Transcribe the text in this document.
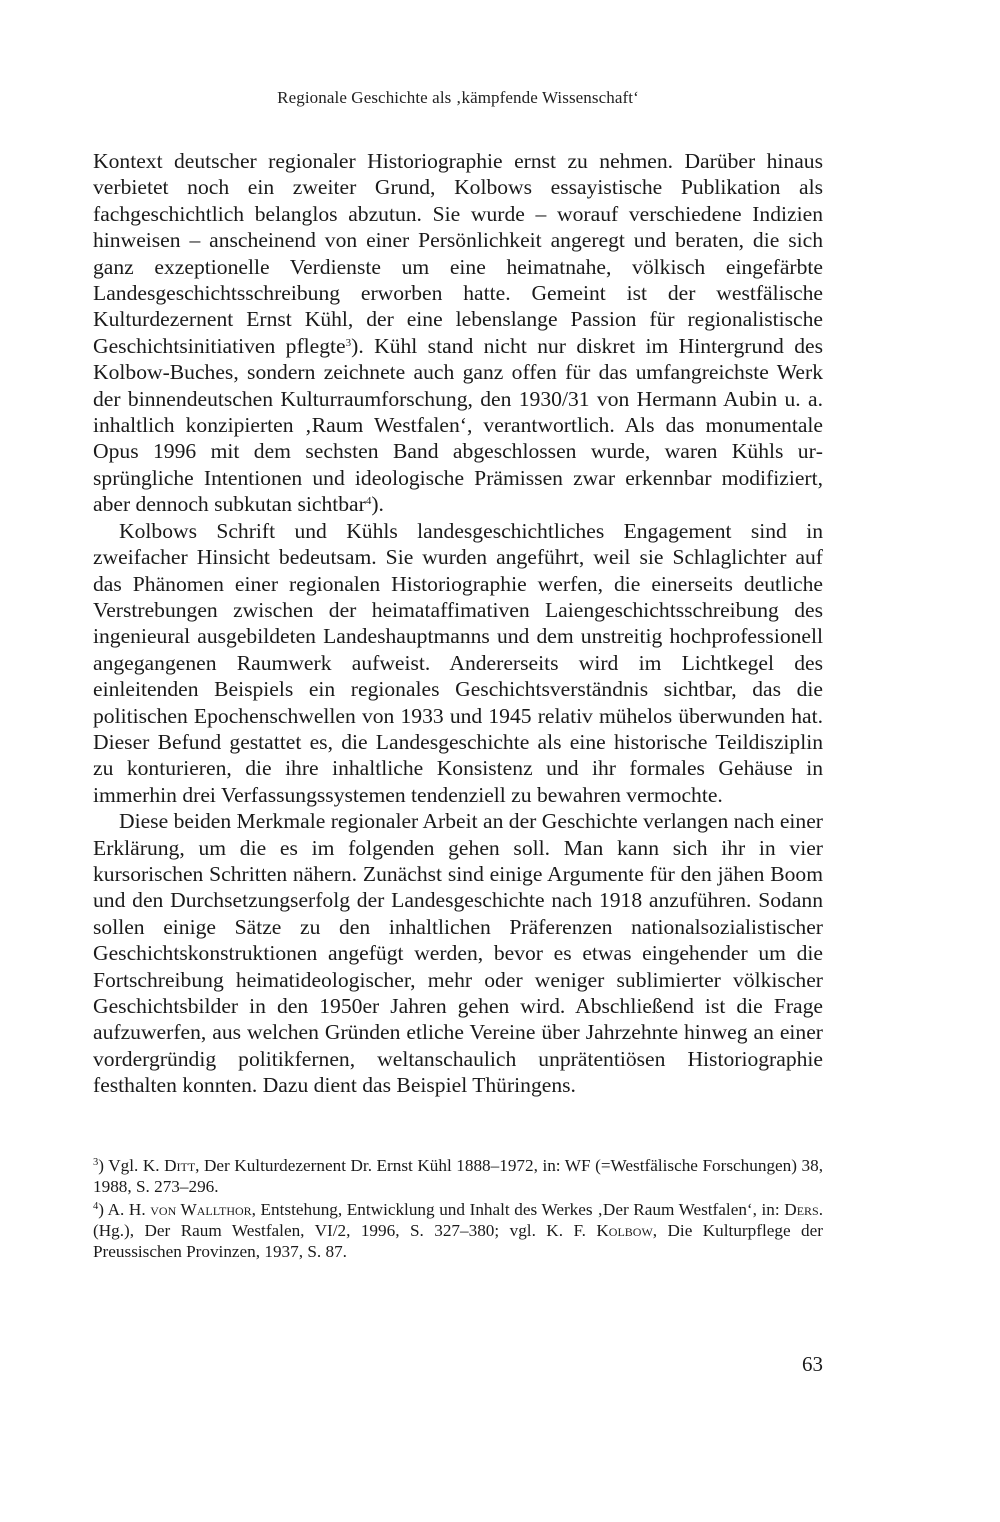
Regionale Geschichte als ‚kämpfende Wissenschaft‘

Kontext deutscher regionaler Historiographie ernst zu nehmen. Darüber hinaus verbietet noch ein zweiter Grund, Kolbows essayistische Publikation als fachgeschichtlich belanglos abzutun. Sie wurde – worauf verschiedene Indizien hinweisen – anscheinend von einer Persönlichkeit angeregt und beraten, die sich ganz exzeptionelle Verdienste um eine heimatnahe, völkisch eingefärbte Landesgeschichtsschreibung erworben hatte. Gemeint ist der westfälische Kulturdezernent Ernst Kühl, der eine lebenslange Passion für regionalistische Geschichtsinitiativen pflegte$^3$). Kühl stand nicht nur diskret im Hintergrund des Kolbow-Buches, sondern zeichnete auch ganz offen für das umfangreichste Werk der binnendeutschen Kulturraumforschung, den 1930/31 von Hermann Aubin u. a. inhaltlich konzipierten ‚Raum Westfalen‘, verantwortlich. Als das monumentale Opus 1996 mit dem sechsten Band abgeschlossen wurde, waren Kühls ursprüngliche Intentionen und ideologische Prämissen zwar erkennbar modifiziert, aber dennoch subkutan sichtbar$^4$).

Kolbows Schrift und Kühls landesgeschichtliches Engagement sind in zweifacher Hinsicht bedeutsam. Sie wurden angeführt, weil sie Schlaglichter auf das Phänomen einer regionalen Historiographie werfen, die einerseits deutliche Verstrebungen zwischen der heimataffimativen Laiengeschichtsschreibung des ingenieural ausgebildeten Landeshauptmanns und dem unstreitig hochprofessionell angegangenen Raumwerk aufweist. Andererseits wird im Lichtkegel des einleitenden Beispiels ein regionales Geschichtsverständnis sichtbar, das die politischen Epochenschwellen von 1933 und 1945 relativ mühelos überwunden hat. Dieser Befund gestattet es, die Landesgeschichte als eine historische Teildisziplin zu konturieren, die ihre inhaltliche Konsistenz und ihr formales Gehäuse in immerhin drei Verfassungssystemen tendenziell zu bewahren vermochte.

Diese beiden Merkmale regionaler Arbeit an der Geschichte verlangen nach einer Erklärung, um die es im folgenden gehen soll. Man kann sich ihr in vier kursorischen Schritten nähern. Zunächst sind einige Argumente für den jähen Boom und den Durchsetzungserfolg der Landesgeschichte nach 1918 anzuführen. Sodann sollen einige Sätze zu den inhaltlichen Präferenzen nationalsozialistischer Geschichtskonstruktionen angefügt werden, bevor es etwas eingehender um die Fortschreibung heimatideologischer, mehr oder weniger sublimierter völkischer Geschichtsbilder in den 1950er Jahren gehen wird. Abschließend ist die Frage aufzuwerfen, aus welchen Gründen etliche Vereine über Jahrzehnte hinweg an einer vordergründig politikfernen, weltanschaulich unprätentiösen Historiographie festhalten konnten. Dazu dient das Beispiel Thüringens.

$^3$) Vgl. K. Ditt, Der Kulturdezernent Dr. Ernst Kühl 1888–1972, in: WF (=Westfälische Forschungen) 38, 1988, S. 273–296.

$^4$) A. H. von Wallthor, Entstehung, Entwicklung und Inhalt des Werkes ‚Der Raum Westfalen‘, in: Ders. (Hg.), Der Raum Westfalen, VI/2, 1996, S. 327–380; vgl. K. F. Kolbow, Die Kulturpflege der Preussischen Provinzen, 1937, S. 87.

63
